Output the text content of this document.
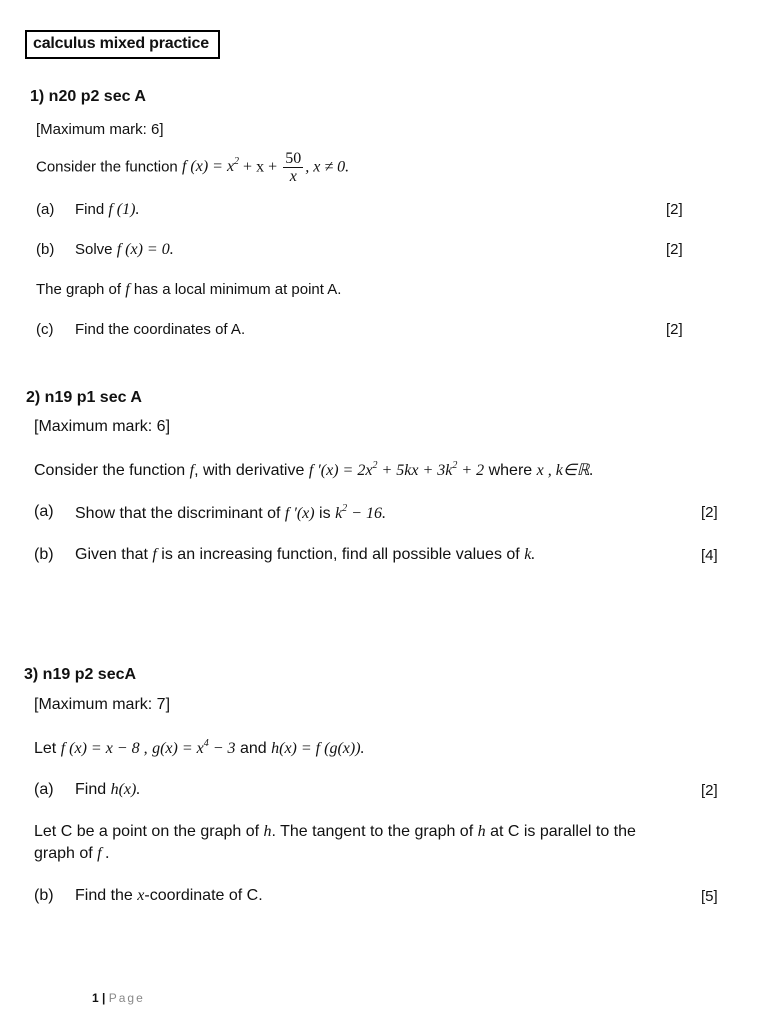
calculus mixed practice
1) n20 p2 sec A
[Maximum mark: 6]
Consider the function f $(x) = x^2 + x + \frac{50}{x}$ , x ≠ 0.
(a) Find f (1).	[2]
(b) Solve f (x) = 0.	[2]
The graph of f has a local minimum at point A.
(c) Find the coordinates of A.	[2]
2) n19 p1 sec A
[Maximum mark: 6]
Consider the function f, with derivative f $'(x) = 2x^2 + 5kx + 3k^2 + 2$ where x , k∈ℝ.
(a) Show that the discriminant of f ′(x) is $k^2 - 16$.	[2]
(b) Given that f is an increasing function, find all possible values of k.	[4]
3) n19 p2 secA
[Maximum mark: 7]
Let f (x) = x − 8 , $g(x) = x^4 - 3$ and h(x) = f (g(x)).
(a) Find h(x).	[2]
Let C be a point on the graph of h. The tangent to the graph of h at C is parallel to the
graph of f .
(b) Find the x-coordinate of C.	[5]
1 | Page
